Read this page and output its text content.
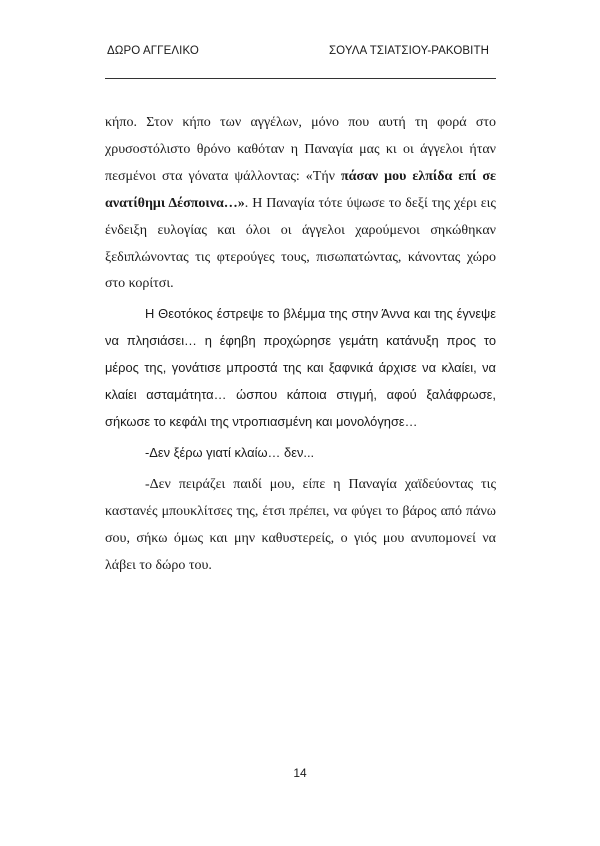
ΔΩΡΟ ΑΓΓΕΛΙΚΟ	ΣΟΥΛΑ ΤΣΙΑΤΣΙΟΥ-ΡΑΚΟΒΙΤΗ

κήπο. Στον κήπο των αγγέλων, μόνο που αυτή τη φορά στο χρυσοστόλιστο θρόνο καθόταν η Παναγία μας κι οι άγγελοι ήταν πεσμένοι στα γόνατα ψάλλοντας: «Τήν πάσαν μου ελπίδα επί σε ανατίθημι Δέσποινα…». Η Παναγία τότε ύψωσε το δεξί της χέρι εις ένδειξη ευλογίας και όλοι οι άγγελοι χαρούμενοι σηκώθηκαν ξεδιπλώνοντας τις φτερούγες τους, πισωπατώντας, κάνοντας χώρο στο κορίτσι.

Η Θεοτόκος έστρεψε το βλέμμα της στην Άννα και της έγνεψε να πλησιάσει… η έφηβη προχώρησε γεμάτη κατάνυξη προς το μέρος της, γονάτισε μπροστά της και ξαφνικά άρχισε να κλαίει, να κλαίει ασταμάτητα… ώσπου κάποια στιγμή, αφού ξαλάφρωσε, σήκωσε το κεφάλι της ντροπιασμένη και μονολόγησε…

-Δεν ξέρω γιατί κλαίω… δεν...

-Δεν πειράζει παιδί μου, είπε η Παναγία χαϊδεύοντας τις καστανές μπουκλίτσες της, έτσι πρέπει, να φύγει το βάρος από πάνω σου, σήκω όμως και μην καθυστερείς, ο γιός μου ανυπομονεί να λάβει το δώρο του.

14
